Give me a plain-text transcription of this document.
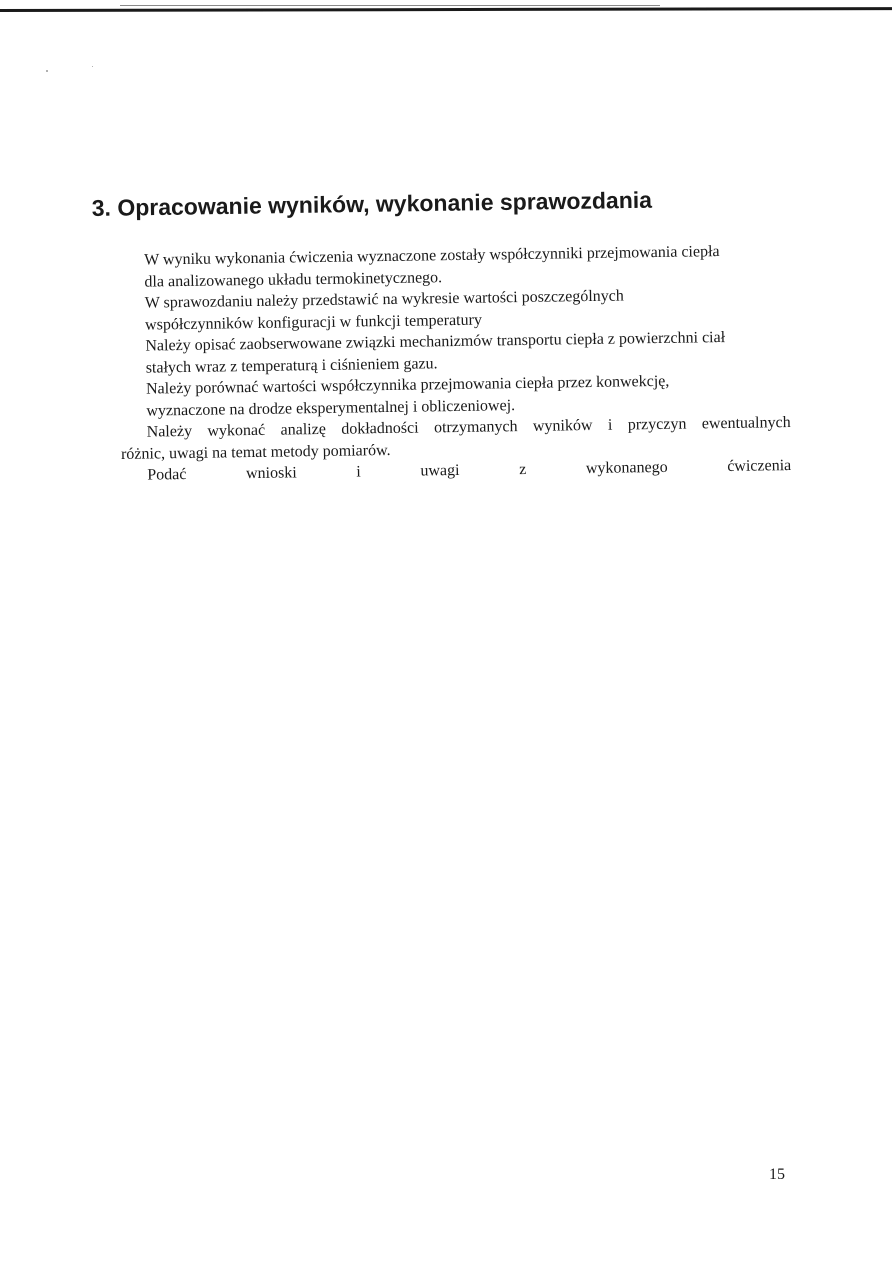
3. Opracowanie wyników, wykonanie sprawozdania
W wyniku wykonania ćwiczenia wyznaczone zostały współczynniki przejmowania ciepła
dla analizowanego układu termokinetycznego.
W sprawozdaniu należy przedstawić na wykresie wartości poszczególnych
współczynników konfiguracji w funkcji temperatury
Należy opisać zaobserwowane związki mechanizmów transportu ciepła z powierzchni ciał
stałych wraz z temperaturą i ciśnieniem gazu.
Należy porównać wartości współczynnika przejmowania ciepła przez konwekcję,
wyznaczone na drodze eksperymentalnej i obliczeniowej.
Należy wykonać analizę dokładności otrzymanych wyników i przyczyn ewentualnych
różnic, uwagi na temat metody pomiarów.
Podać	wnioski	i	uwagi	z	wykonanego	ćwiczenia
15
